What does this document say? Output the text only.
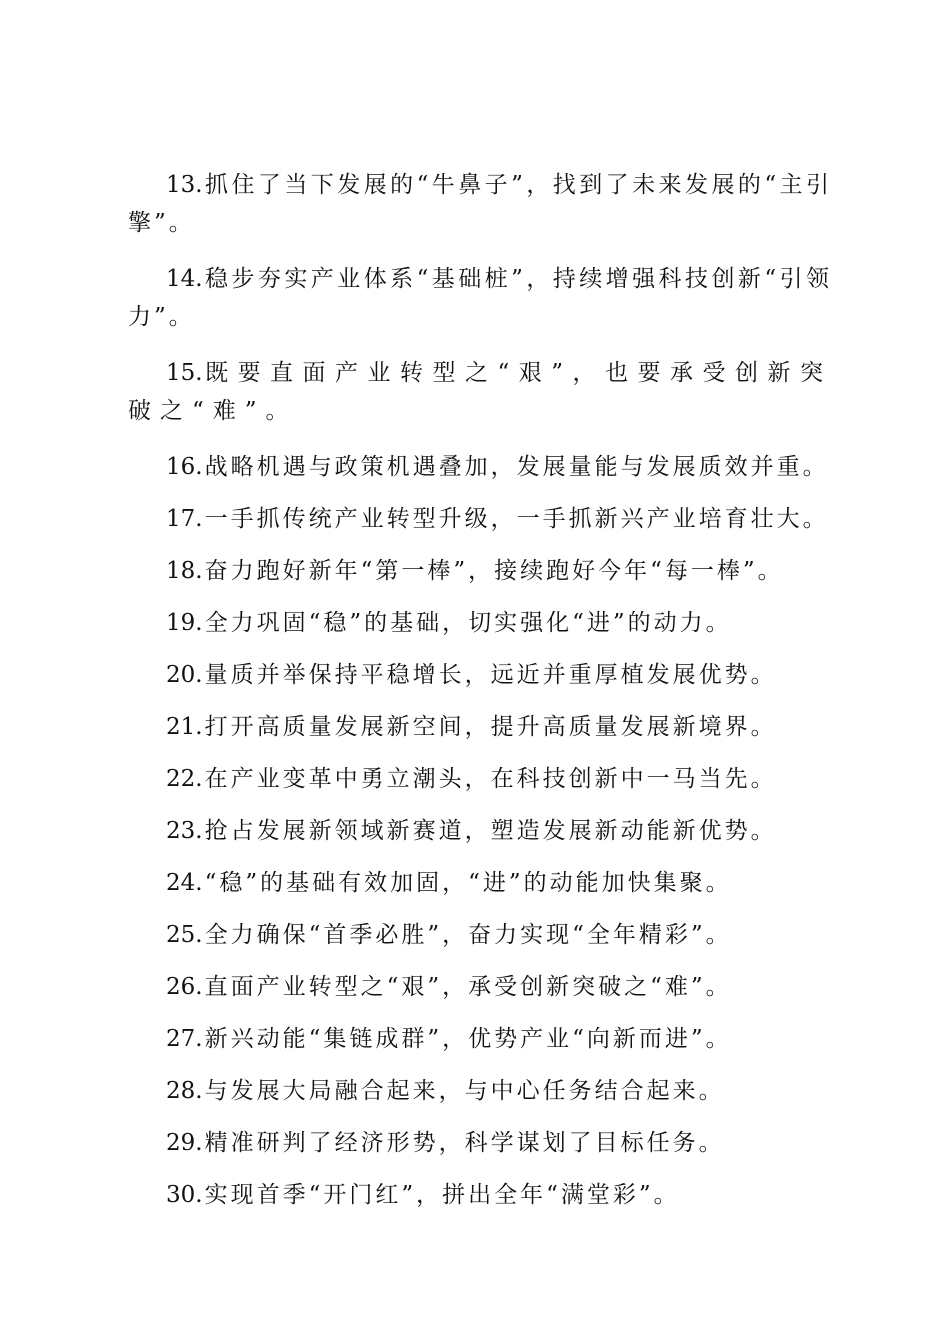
13.抓住了当下发展的“牛鼻子”，找到了未来发展的“主引擎”。

14.稳步夯实产业体系“基础桩”，持续增强科技创新“引领力”。

15.既要直面产业转型之“艰”，也要承受创新突破之“难”。

16.战略机遇与政策机遇叠加，发展量能与发展质效并重。

17.一手抓传统产业转型升级，一手抓新兴产业培育壮大。

18.奋力跑好新年“第一棒”，接续跑好今年“每一棒”。

19.全力巩固“稳”的基础，切实强化“进”的动力。

20.量质并举保持平稳增长，远近并重厚植发展优势。

21.打开高质量发展新空间，提升高质量发展新境界。

22.在产业变革中勇立潮头，在科技创新中一马当先。

23.抢占发展新领域新赛道，塑造发展新动能新优势。

24.“稳”的基础有效加固，“进”的动能加快集聚。

25.全力确保“首季必胜”，奋力实现“全年精彩”。

26.直面产业转型之“艰”，承受创新突破之“难”。

27.新兴动能“集链成群”，优势产业“向新而进”。

28.与发展大局融合起来，与中心任务结合起来。

29.精准研判了经济形势，科学谋划了目标任务。

30.实现首季“开门红”，拼出全年“满堂彩”。
